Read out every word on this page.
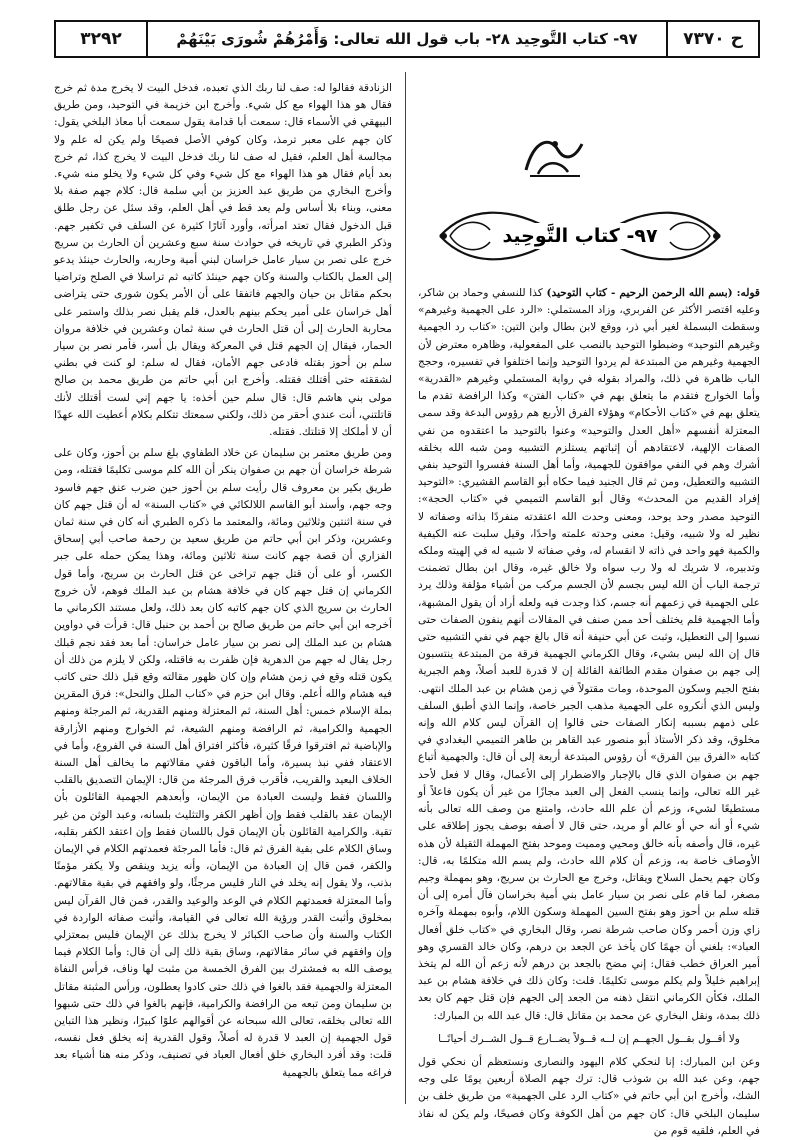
ح ٧٣٧٠
٩٧- كتاب التَّوحِيد ٢٨- باب قول الله تعالى: وَأَمْرُهُمْ شُورَى بَيْنَهُمْ
٣٢٩٢
٩٧- كتاب التَّوحِيد

قوله: (بسم الله الرحمن الرحيم - كتاب التوحيد) كذا للنسفي وحماد بن شاكر، وعليه اقتصر الأكثر عن الفربري، وزاد المستملي: «الرد على الجهمية وغيرهم» وسقطت البسملة لغير أبي ذر، ووقع لابن بطال وابن التين: «كتاب رد الجهمية وغيرهم التوحيد» وضبطوا التوحيد بالنصب على المفعولية، وظاهره معترض لأن الجهمية وغيرهم من المبتدعة لم يردوا التوحيد وإنما اختلفوا في تفسيره، وحجج الباب ظاهرة في ذلك، والمراد بقوله في رواية المستملي وغيرهم «القدرية» وأما الخوارج فتقدم ما يتعلق بهم في «كتاب الفتن» وكذا الرافضة تقدم ما يتعلق بهم في «كتاب الأحكام» وهؤلاء الفرق الأربع هم رؤوس البدعة وقد سمى المعتزلة أنفسهم «أهل العدل والتوحيد» وعنوا بالتوحيد ما اعتقدوه من نفي الصفات الإلهية، لاعتقادهم أن إثباتهم يستلزم التشبيه ومن شبه الله بخلقه أشرك وهم في النفي موافقون للجهمية، وأما أهل السنة ففسروا التوحيد بنفي التشبيه والتعطيل، ومن ثم قال الجنيد فيما حكاه أبو القاسم القشيري: «التوحيد إفراد القديم من المحدث» وقال أبو القاسم التميمي في «كتاب الحجة»: التوحيد مصدر وحد يوحد، ومعنى وحدت الله اعتقدته منفردًا بذاته وصفاته لا نظير له ولا شبيه، وقيل: معنى وحدته علمته واحدًا، وقيل سلبت عنه الكيفية والكمية فهو واحد في ذاته لا انقسام له، وفي صفاته لا شبيه له في إلهيته وملكه وتدبيره، لا شريك له ولا رب سواه ولا خالق غيره، وقال ابن بطال تضمنت ترجمة الباب أن الله ليس بجسم لأن الجسم مركب من أشياء مؤلفة وذلك يرد على الجهمية في زعمهم أنه جسم، كذا وجدت فيه ولعله أراد أن يقول المشبهة، وأما الجهمية فلم يختلف أحد ممن صنف في المقالات أنهم ينفون الصفات حتى نسبوا إلى التعطيل، وثبت عن أبي حنيفة أنه قال بالغ جهم في نفي التشبيه حتى قال إن الله ليس بشيء، وقال الكرماني الجهمية فرقة من المبتدعة ينتسبون إلى جهم بن صفوان مقدم الطائفة القائلة إن لا قدرة للعبد أصلاً، وهم الجبرية بفتح الجيم وسكون الموحدة، ومات مقتولاً في زمن هشام بن عبد الملك انتهى. وليس الذي أنكروه على الجهمية مذهب الجبر خاصة، وإنما الذي أطبق السلف على ذمهم بسببه إنكار الصفات حتى قالوا إن القرآن ليس كلام الله وإنه مخلوق، وقد ذكر الأستاذ أبو منصور عبد القاهر بن طاهر التميمي البغدادي في كتابه «الفرق بين الفرق» أن رؤوس المبتدعة أربعة إلى أن قال: والجهمية أتباع جهم بن صفوان الذي قال بالإجبار والاضطرار إلى الأعمال، وقال لا فعل لأحد غير الله تعالى، وإنما ينسب الفعل إلى العبد مجازًا من غير أن يكون فاعلاً أو مستطيعًا لشيء، وزعم أن علم الله حادث، وامتنع من وصف الله تعالى بأنه شيء أو أنه حي أو عالم أو مريد، حتى قال لا أصفه بوصف يجوز إطلاقه على غيره، قال وأصفه بأنه خالق ومحيي ومميت وموحد بفتح المهملة الثقيلة لأن هذه الأوصاف خاصة به، وزعم أن كلام الله حادث، ولم يسم الله متكلمًا به، قال: وكان جهم يحمل السلاح ويقاتل، وخرج مع الحارث بن سريج، وهو بمهملة وجيم مصغر، لما قام على نصر بن سيار عامل بني أمية بخراسان فآل أمره إلى أن قتله سلم بن أحوز وهو بفتح السين المهملة وسكون اللام، وأبوه بمهملة وآخره زاي وزن أحمر وكان صاحب شرطة نصر، وقال البخاري في «كتاب خلق أفعال العباد»: بلغني أن جهمًا كان يأخذ عن الجعد بن درهم، وكان خالد القسري وهو أمير العراق خطب فقال: إني مضح بالجعد بن درهم لأنه زعم أن الله لم يتخذ إبراهيم خليلاً ولم يكلم موسى تكليمًا. قلت: وكان ذلك في خلافة هشام بن عبد الملك، فكأن الكرماني انتقل ذهنه من الجعد إلى الجهم فإن قتل جهم كان بعد ذلك بمدة، ونقل البخاري عن محمد بن مقاتل قال: قال عبد الله بن المبارك:

ولا أقــول بقــول الجهــم إن لــه قــولاً يضــارع قــول الشــرك أحيانًــا

وعن ابن المبارك: إنا لنحكي كلام اليهود والنصارى ونستعظم أن نحكي قول جهم، وعن عبد الله بن شوذب قال: ترك جهم الصلاة أربعين يومًا على وجه الشك، وأخرج ابن أبي حاتم في «كتاب الرد على الجهمية» من طريق خلف بن سليمان البلخي قال: كان جهم من أهل الكوفة وكان فصيحًا، ولم يكن له نفاذ في العلم، فلقيه قوم من

الزنادقة فقالوا له: صف لنا ربك الذي تعبده، فدخل البيت لا يخرج مدة ثم خرج فقال هو هذا الهواء مع كل شيء. وأخرج ابن خزيمة في التوحيد، ومن طريق البيهقي في الأسماء قال: سمعت أبا قدامة يقول سمعت أبا معاذ البلخي يقول: كان جهم على معبر ترمذ، وكان كوفي الأصل فصيحًا ولم يكن له علم ولا مجالسة أهل العلم، فقيل له صف لنا ربك فدخل البيت لا يخرج كذا، ثم خرج بعد أيام فقال هو هذا الهواء مع كل شيء وفي كل شيء ولا يخلو منه شيء. وأخرج البخاري من طريق عبد العزيز بن أبي سلمة قال: كلام جهم صفة بلا معنى، وبناء بلا أساس ولم يعد قط في أهل العلم، وقد سئل عن رجل طلق قبل الدخول فقال تعتد امرأته، وأورد آثارًا كثيرة عن السلف في تكفير جهم. وذكر الطبري في تاريخه في حوادث سنة سبع وعشرين أن الحارث بن سريج خرج على نصر بن سيار عامل خراسان لبني أمية وحاربه، والحارث حينئذ يدعو إلى العمل بالكتاب والسنة وكان جهم حينئذ كاتبه ثم تراسلا في الصلح وتراضيا بحكم مقاتل بن حيان والجهم فاتفقا على أن الأمر يكون شورى حتى يتراضى أهل خراسان على أمير يحكم بينهم بالعدل، فلم يقبل نصر بذلك واستمر على محاربة الحارث إلى أن قتل الحارث في سنة ثمان وعشرين في خلافة مروان الحمار، فيقال إن الجهم قتل في المعركة ويقال بل أسر، فأمر نصر بن سيار سلم بن أحوز بقتله فادعى جهم الأمان، فقال له سلم: لو كنت في بطني لشققته حتى أقتلك فقتله. وأخرج ابن أبي حاتم من طريق محمد بن صالح مولى بني هاشم قال: قال سلم حين أخذه: يا جهم إني لست أقتلك لأنك قاتلتني، أنت عندي أحقر من ذلك، ولكني سمعتك تتكلم بكلام أعطيت الله عهدًا أن لا أملكك إلا قتلتك. فقتله.

ومن طريق معتمر بن سليمان عن خلاد الطفاوي بلغ سلم بن أحوز، وكان على شرطة خراسان أن جهم بن صفوان ينكر أن الله كلم موسى تكليمًا فقتله، ومن طريق بكير بن معروف قال رأيت سلم بن أحوز حين ضرب عنق جهم فاسود وجه جهم، وأسند أبو القاسم اللالكائي في «كتاب السنة» له أن قتل جهم كان في سنة اثنتين وثلاثين ومائة، والمعتمد ما ذكره الطبري أنه كان في سنة ثمان وعشرين، وذكر ابن أبي حاتم من طريق سعيد بن رحمة صاحب أبي إسحاق الفزاري أن قصة جهم كانت سنة ثلاثين ومائة، وهذا يمكن حمله على جبر الكسر، أو على أن قتل جهم تراخى عن قتل الحارث بن سريج، وأما قول الكرماني إن قتل جهم كان في خلافة هشام بن عبد الملك فوهم، لأن خروج الحارث بن سريج الذي كان جهم كاتبه كان بعد ذلك، ولعل مستند الكرماني ما أخرجه ابن أبي حاتم من طريق صالح بن أحمد بن حنبل قال: قرأت في دواوين هشام بن عبد الملك إلى نصر بن سيار عامل خراسان: أما بعد فقد نجم قبلك رجل يقال له جهم من الدهرية فإن ظفرت به فاقتله، ولكن لا يلزم من ذلك أن يكون قتله وقع في زمن هشام وإن كان ظهور مقالته وقع قبل ذلك حتى كاتب فيه هشام والله أعلم. وقال ابن حزم في «كتاب الملل والنحل»: فرق المقرين بملة الإسلام خمس: أهل السنة، ثم المعتزلة ومنهم القدرية، ثم المرجئة ومنهم الجهمية والكرامية، ثم الرافضة ومنهم الشيعة، ثم الخوارج ومنهم الأزارقة والإباضية ثم افترقوا فرقًا كثيرة، فأكثر افتراق أهل السنة في الفروع، وأما في الاعتقاد ففي نبذ يسيرة، وأما الباقون ففي مقالاتهم ما يخالف أهل السنة الخلاف البعيد والقريب، فأقرب فرق المرجئة من قال: الإيمان التصديق بالقلب واللسان فقط وليست العبادة من الإيمان، وأبعدهم الجهمية القائلون بأن الإيمان عقد بالقلب فقط وإن أظهر الكفر والتثليث بلسانه، وعبد الوثن من غير تقية. والكرامية القائلون بأن الإيمان قول باللسان فقط وإن اعتقد الكفر بقلبه، وساق الكلام على بقية الفرق ثم قال: فأما المرجئة فعمدتهم الكلام في الإيمان والكفر، فمن قال إن العبادة من الإيمان، وأنه يزيد وينقص ولا يكفر مؤمنًا بذنب، ولا يقول إنه يخلد في النار فليس مرجئًا، ولو وافقهم في بقية مقالاتهم. وأما المعتزلة فعمدتهم الكلام في الوعد والوعيد والقدر، فمن قال القرآن ليس بمخلوق وأثبت القدر ورؤية الله تعالى في القيامة، وأثبت صفاته الواردة في الكتاب والسنة وأن صاحب الكبائر لا يخرج بذلك عن الإيمان فليس بمعتزلي وإن وافقهم في سائر مقالاتهم، وساق بقية ذلك إلى أن قال: وأما الكلام فيما يوصف الله به فمشترك بين الفرق الخمسة من مثبت لها وناف، فرأس النفاة المعتزلة والجهمية فقد بالغوا في ذلك حتى كادوا يعطلون، ورأس المثبتة مقاتل بن سليمان ومن تبعه من الرافضة والكرامية، فإنهم بالغوا في ذلك حتى شبهوا الله تعالى بخلقه، تعالى الله سبحانه عن أقوالهم علوًا كبيرًا، ونظير هذا التباين قول الجهمية إن العبد لا قدرة له أصلاً، وقول القدرية إنه يخلق فعل نفسه، قلت: وقد أفرد البخاري خلق أفعال العباد في تصنيف، وذكر منه هنا أشياء بعد فراغه مما يتعلق بالجهمية
